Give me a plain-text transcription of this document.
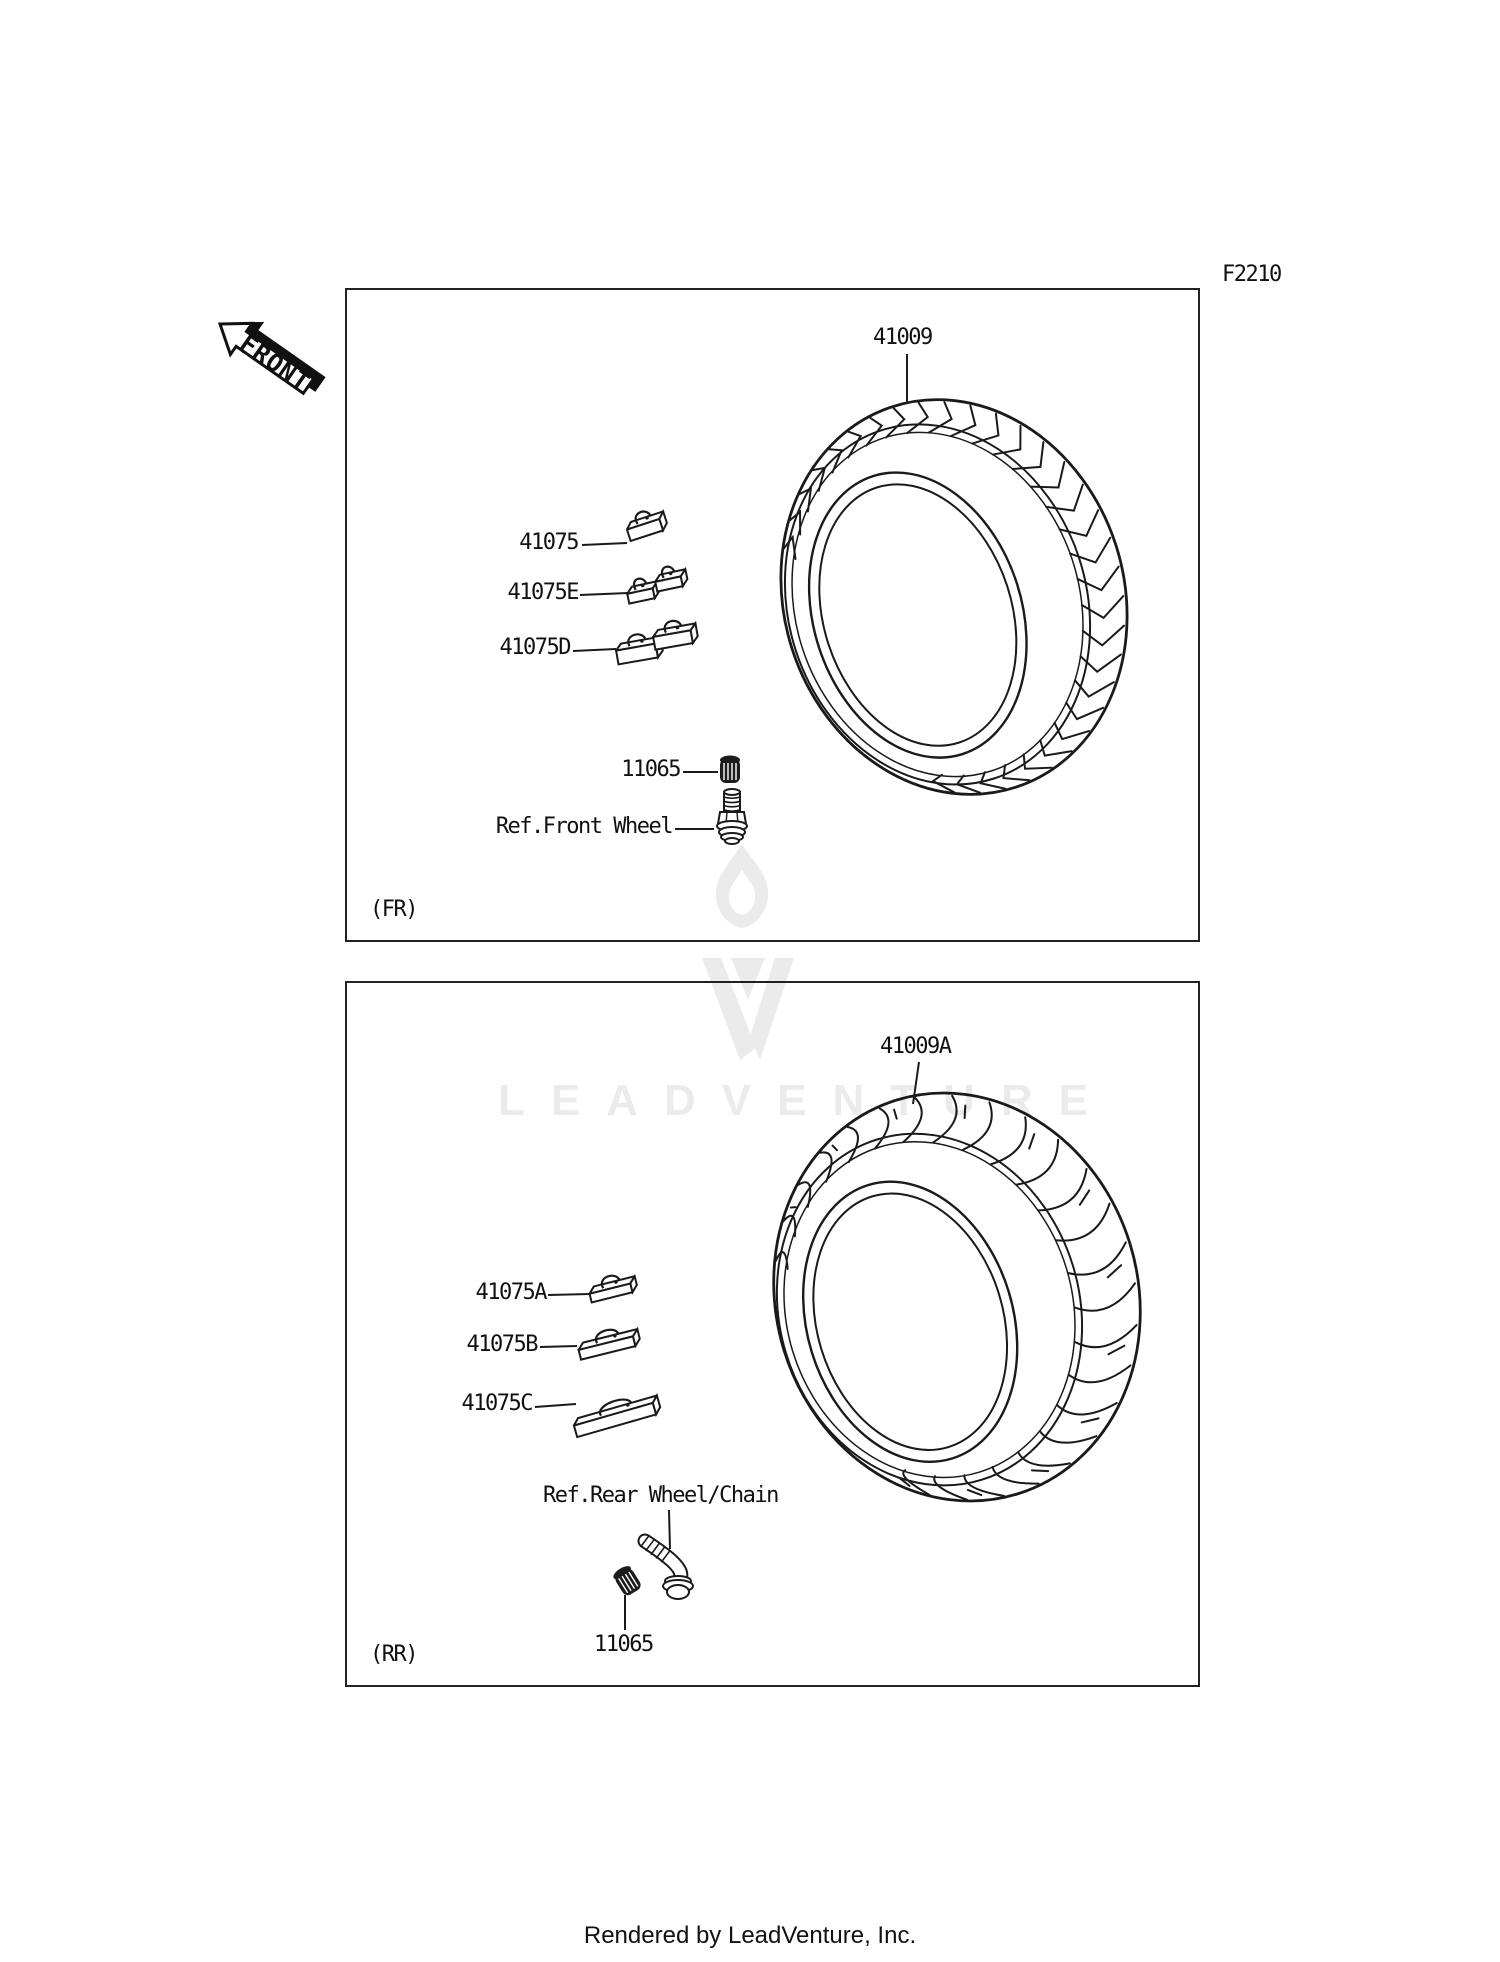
F2210
FRONT
41009
41075
41075E
41075D
11065
Ref.Front Wheel
(FR)
41009A
41075A
41075B
41075C
Ref.Rear Wheel/Chain
11065
(RR)
Rendered by LeadVenture, Inc.
LEADVENTURE
